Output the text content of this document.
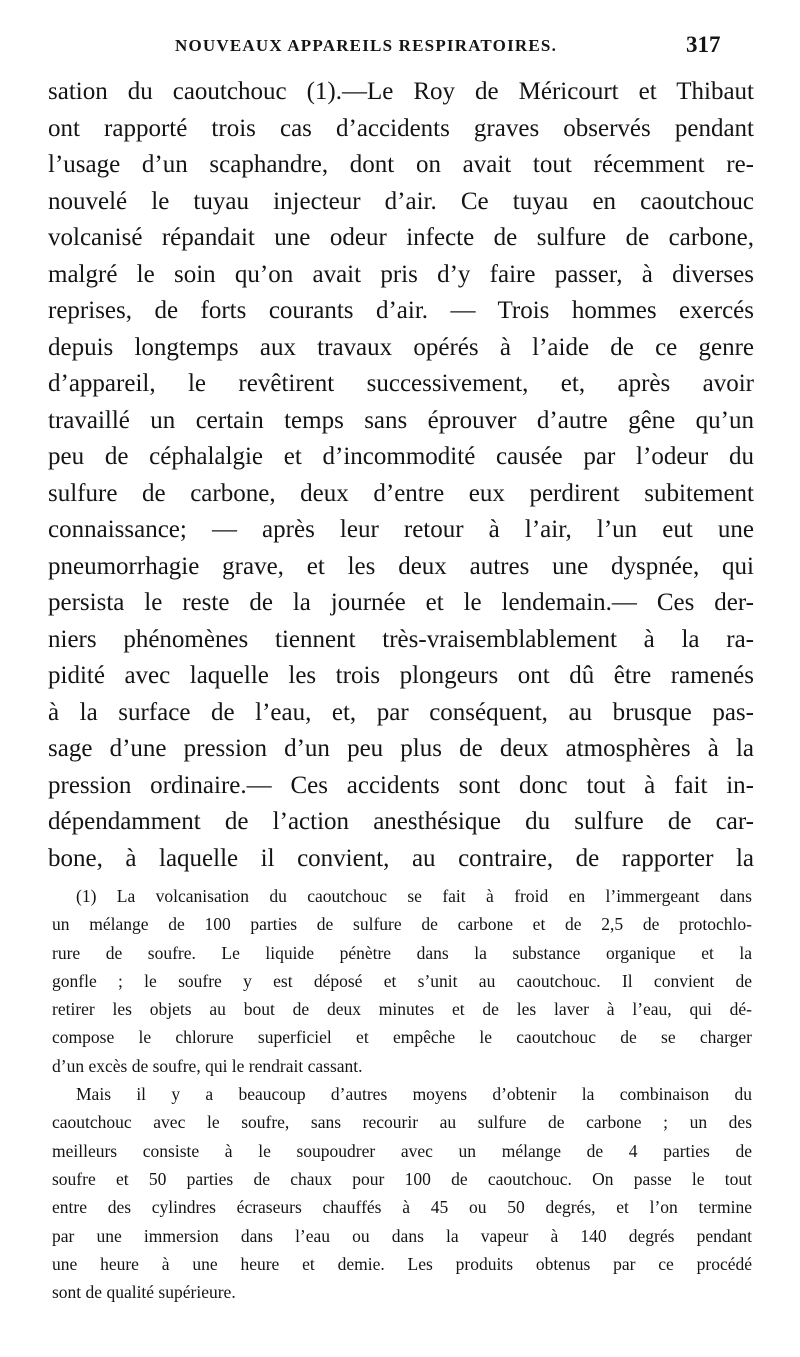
NOUVEAUX APPAREILS RESPIRATOIRES.	317
sation du caoutchouc (1).—Le Roy de Méricourt et Thibaut
ont rapporté trois cas d’accidents graves observés pendant
l’usage d’un scaphandre, dont on avait tout récemment re-
nouvelé le tuyau injecteur d’air. Ce tuyau en caoutchouc
volcanisé répandait une odeur infecte de sulfure de carbone,
malgré le soin qu’on avait pris d’y faire passer, à diverses
reprises, de forts courants d’air. — Trois hommes exercés
depuis longtemps aux travaux opérés à l’aide de ce genre
d’appareil, le revêtirent successivement, et, après avoir
travaillé un certain temps sans éprouver d’autre gêne qu’un
peu de céphalalgie et d’incommodité causée par l’odeur du
sulfure de carbone, deux d’entre eux perdirent subitement
connaissance; — après leur retour à l’air, l’un eut une
pneumorrhagie grave, et les deux autres une dyspnée, qui
persista le reste de la journée et le lendemain.— Ces der-
niers phénomènes tiennent très-vraisemblablement à la ra-
pidité avec laquelle les trois plongeurs ont dû être ramenés
à la surface de l’eau, et, par conséquent, au brusque pas-
sage d’une pression d’un peu plus de deux atmosphères à la
pression ordinaire.— Ces accidents sont donc tout à fait in-
dépendamment de l’action anesthésique du sulfure de car-
bone, à laquelle il convient, au contraire, de rapporter la
(1) La volcanisation du caoutchouc se fait à froid en l’immergeant dans
un mélange de 100 parties de sulfure de carbone et de 2,5 de protochlo-
rure de soufre. Le liquide pénètre dans la substance organique et la
gonfle ; le soufre y est déposé et s’unit au caoutchouc. Il convient de
retirer les objets au bout de deux minutes et de les laver à l’eau, qui dé-
compose le chlorure superficiel et empêche le caoutchouc de se charger
d’un excès de soufre, qui le rendrait cassant.
Mais il y a beaucoup d’autres moyens d’obtenir la combinaison du
caoutchouc avec le soufre, sans recourir au sulfure de carbone ; un des
meilleurs consiste à le soupoudrer avec un mélange de 4 parties de
soufre et 50 parties de chaux pour 100 de caoutchouc. On passe le tout
entre des cylindres écraseurs chauffés à 45 ou 50 degrés, et l’on termine
par une immersion dans l’eau ou dans la vapeur à 140 degrés pendant
une heure à une heure et demie. Les produits obtenus par ce procédé
sont de qualité supérieure.
